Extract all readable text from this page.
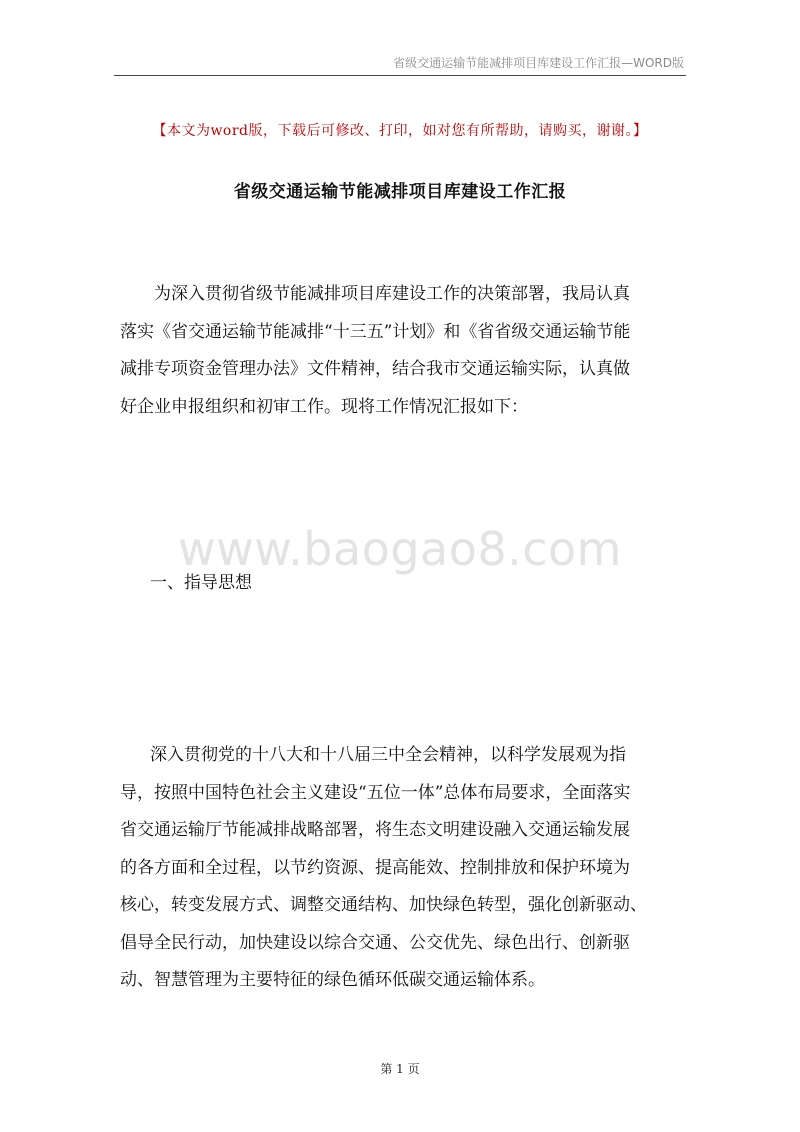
省级交通运输节能减排项目库建设工作汇报—WORD版
【本文为word版，下载后可修改、打印，如对您有所帮助，请购买，谢谢。】
省级交通运输节能减排项目库建设工作汇报
为深入贯彻省级节能减排项目库建设工作的决策部署，我局认真
落实《省交通运输节能减排“十三五”计划》和《省省级交通运输节能
减排专项资金管理办法》文件精神，结合我市交通运输实际，认真做
好企业申报组织和初审工作。现将工作情况汇报如下：
www.baogao8.com
一、指导思想
深入贯彻党的十八大和十八届三中全会精神，以科学发展观为指
导，按照中国特色社会主义建设“五位一体”总体布局要求，全面落实
省交通运输厅节能减排战略部署，将生态文明建设融入交通运输发展
的各方面和全过程，以节约资源、提高能效、控制排放和保护环境为
核心，转变发展方式、调整交通结构、加快绿色转型，强化创新驱动、
倡导全民行动，加快建设以综合交通、公交优先、绿色出行、创新驱
动、智慧管理为主要特征的绿色循环低碳交通运输体系。
第 1 页
